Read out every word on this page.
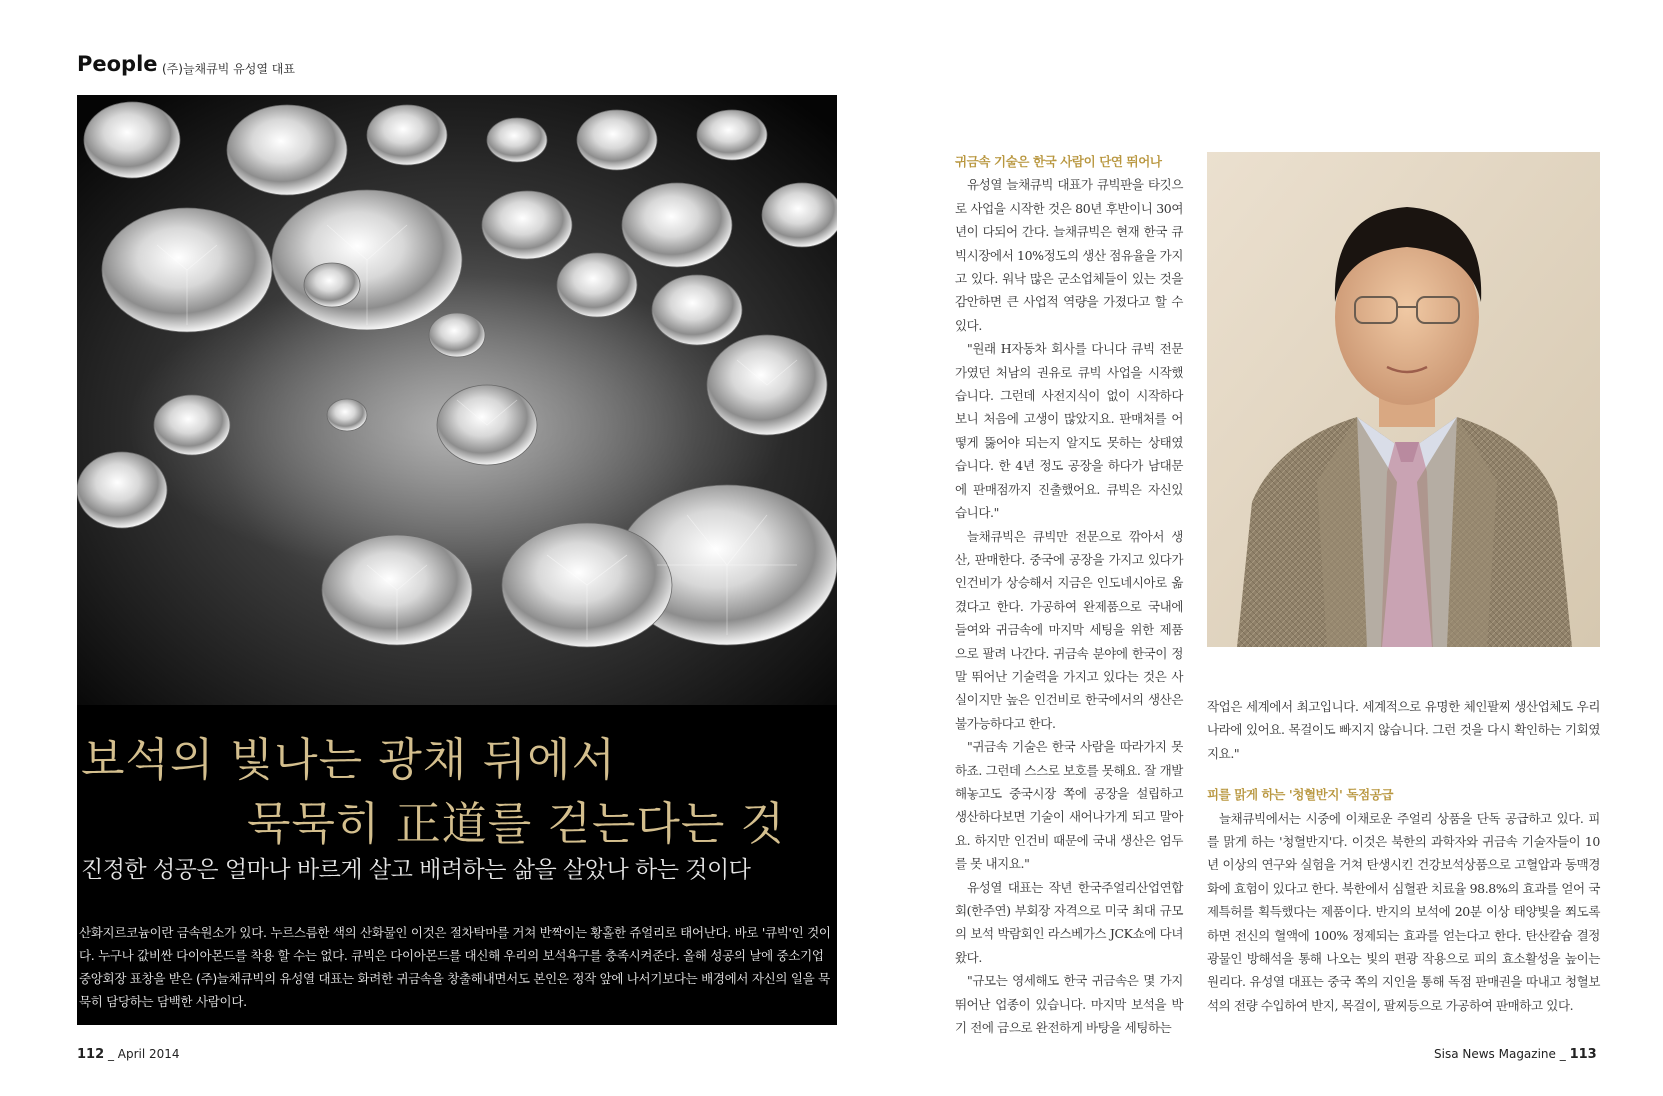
People (주)늘채큐빅 유성열 대표
보석의 빛나는 광채 뒤에서
묵묵히 正道를 걷는다는 것
진정한 성공은 얼마나 바르게 살고 배려하는 삶을 살았나 하는 것이다
산화지르코늄이란 금속원소가 있다. 누르스름한 색의 산화물인 이것은 절차탁마를 거쳐 반짝이는 황홀한 쥬얼리로 태어난다. 바로 '큐빅'인 것이다. 누구나 값비싼 다이아몬드를 착용 할 수는 없다. 큐빅은 다이아몬드를 대신해 우리의 보석욕구를 충족시켜준다. 올해 성공의 날에 중소기업중앙회장 표창을 받은 (주)늘채큐빅의 유성열 대표는 화려한 귀금속을 창출해내면서도 본인은 정작 앞에 나서기보다는 배경에서 자신의 일을 묵묵히 담당하는 담백한 사람이다.

귀금속 기술은 한국 사람이 단연 뛰어나

유성열 늘채큐빅 대표가 큐빅판을 타깃으로 사업을 시작한 것은 80년 후반이니 30여 년이 다되어 간다. 늘채큐빅은 현재 한국 큐빅시장에서 10%정도의 생산 점유율을 가지고 있다. 워낙 많은 군소업체들이 있는 것을 감안하면 큰 사업적 역량을 가졌다고 할 수 있다.

"원래 H자동차 회사를 다니다 큐빅 전문가였던 처남의 권유로 큐빅 사업을 시작했습니다. 그런데 사전지식이 없이 시작하다 보니 처음에 고생이 많았지요. 판매처를 어떻게 뚫어야 되는지 알지도 못하는 상태였습니다. 한 4년 정도 공장을 하다가 남대문에 판매점까지 진출했어요. 큐빅은 자신있습니다."

늘채큐빅은 큐빅만 전문으로 깎아서 생산, 판매한다. 중국에 공장을 가지고 있다가 인건비가 상승해서 지금은 인도네시아로 옮겼다고 한다. 가공하여 완제품으로 국내에 들여와 귀금속에 마지막 세팅을 위한 제품으로 팔려 나간다. 귀금속 분야에 한국이 정말 뛰어난 기술력을 가지고 있다는 것은 사실이지만 높은 인건비로 한국에서의 생산은 불가능하다고 한다.

"귀금속 기술은 한국 사람을 따라가지 못하죠. 그런데 스스로 보호를 못해요. 잘 개발해놓고도 중국시장 쪽에 공장을 설립하고 생산하다보면 기술이 새어나가게 되고 말아요. 하지만 인건비 때문에 국내 생산은 엄두를 못 내지요."

유성열 대표는 작년 한국주얼리산업연합회(한주연) 부회장 자격으로 미국 최대 규모의 보석 박람회인 라스베가스 JCK쇼에 다녀왔다.

"규모는 영세해도 한국 귀금속은 몇 가지 뛰어난 업종이 있습니다. 마지막 보석을 박기 전에 금으로 완전하게 바탕을 세팅하는

작업은 세계에서 최고입니다. 세계적으로 유명한 체인팔찌 생산업체도 우리나라에 있어요. 목걸이도 빠지지 않습니다. 그런 것을 다시 확인하는 기회였지요."

피를 맑게 하는 '청혈반지' 독점공급

늘채큐빅에서는 시중에 이채로운 주얼리 상품을 단독 공급하고 있다. 피를 맑게 하는 '청혈반지'다. 이것은 북한의 과학자와 귀금속 기술자들이 10년 이상의 연구와 실험을 거쳐 탄생시킨 건강보석상품으로 고혈압과 동맥경화에 효험이 있다고 한다. 북한에서 심혈관 치료율 98.8%의 효과를 얻어 국제특허를 획득했다는 제품이다. 반지의 보석에 20분 이상 태양빛을 쬐도록 하면 전신의 혈액에 100% 정제되는 효과를 얻는다고 한다. 탄산칼슘 결정광물인 방해석을 통해 나오는 빛의 편광 작용으로 피의 효소활성을 높이는 원리다. 유성열 대표는 중국 쪽의 지인을 통해 독점 판매권을 따내고 청혈보석의 전량 수입하여 반지, 목걸이, 팔찌등으로 가공하여 판매하고 있다.

112 _ April 2014	Sisa News Magazine _ 113
